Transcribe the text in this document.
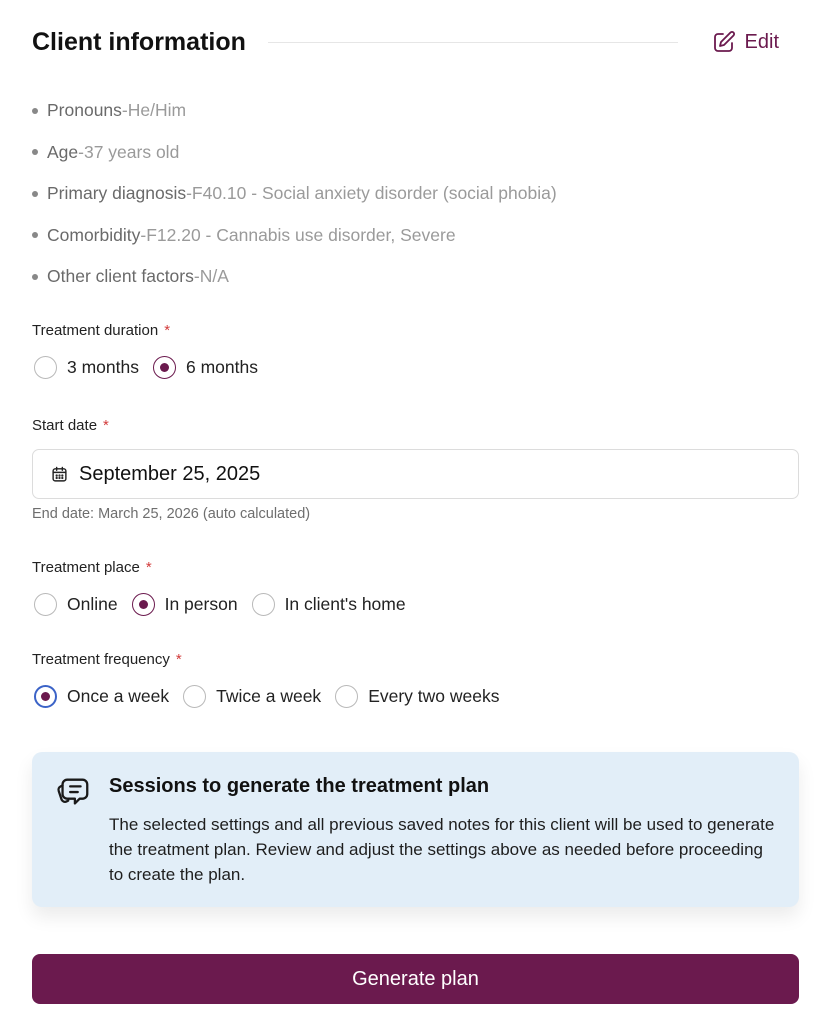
Client information	Edit
Pronouns - He/Him
Age - 37 years old
Primary diagnosis - F40.10 - Social anxiety disorder (social phobia)
Comorbidity - F12.20 - Cannabis use disorder, Severe
Other client factors - N/A
Treatment duration *
3 months	6 months
Start date *
September 25, 2025
End date: March 25, 2026 (auto calculated)
Treatment place *
Online	In person	In client's home
Treatment frequency *
Once a week	Twice a week	Every two weeks
Sessions to generate the treatment plan
The selected settings and all previous saved notes for this client will be used to generate the treatment plan. Review and adjust the settings above as needed before proceeding to create the plan.
Generate plan
